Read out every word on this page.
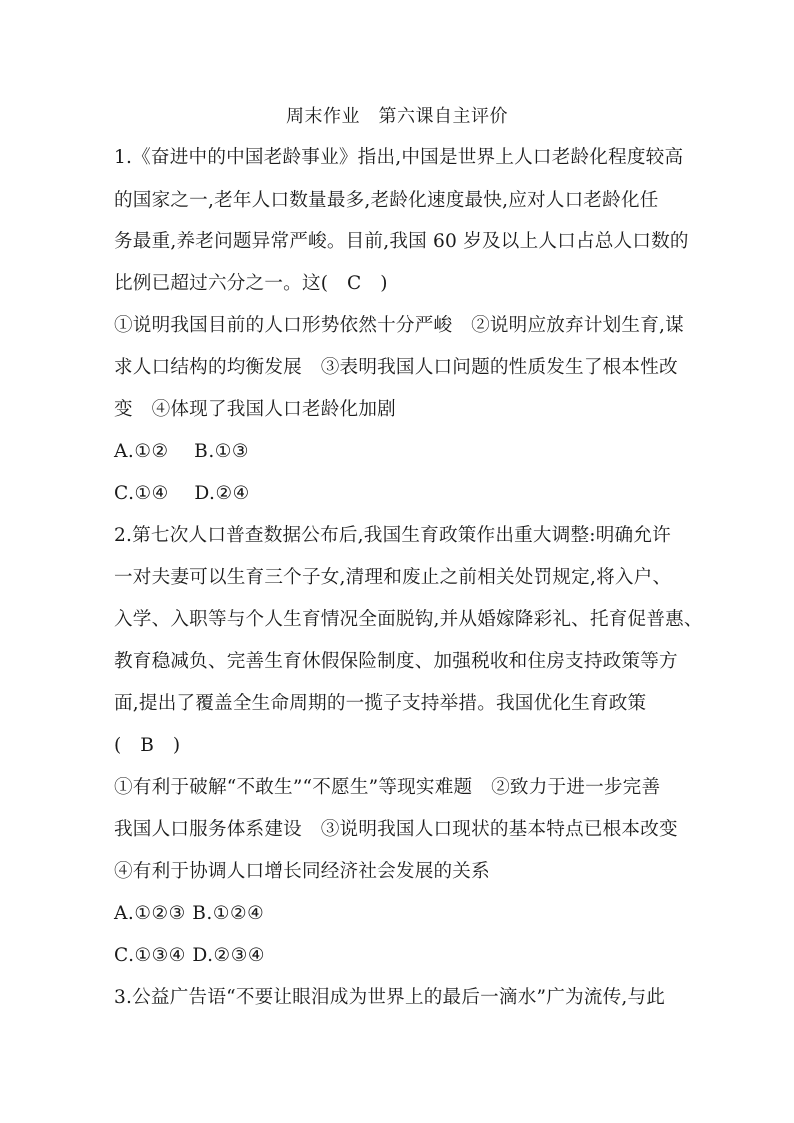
周末作业　第六课自主评价
1.《奋进中的中国老龄事业》指出,中国是世界上人口老龄化程度较高
的国家之一,老年人口数量最多,老龄化速度最快,应对人口老龄化任
务最重,养老问题异常严峻。目前,我国 60 岁及以上人口占总人口数的
比例已超过六分之一。这(　C　)
①说明我国目前的人口形势依然十分严峻　②说明应放弃计划生育,谋
求人口结构的均衡发展　③表明我国人口问题的性质发生了根本性改
变　④体现了我国人口老龄化加剧
A.①②　 B.①③
C.①④　 D.②④
2.第七次人口普查数据公布后,我国生育政策作出重大调整:明确允许
一对夫妻可以生育三个子女,清理和废止之前相关处罚规定,将入户、
入学、入职等与个人生育情况全面脱钩,并从婚嫁降彩礼、托育促普惠、
教育稳减负、完善生育休假保险制度、加强税收和住房支持政策等方
面,提出了覆盖全生命周期的一揽子支持举措。我国优化生育政策
(　B　)
①有利于破解“不敢生”“不愿生”等现实难题　②致力于进一步完善
我国人口服务体系建设　③说明我国人口现状的基本特点已根本改变
④有利于协调人口增长同经济社会发展的关系
A.①②③ B.①②④
C.①③④ D.②③④
3.公益广告语“不要让眼泪成为世界上的最后一滴水”广为流传,与此
